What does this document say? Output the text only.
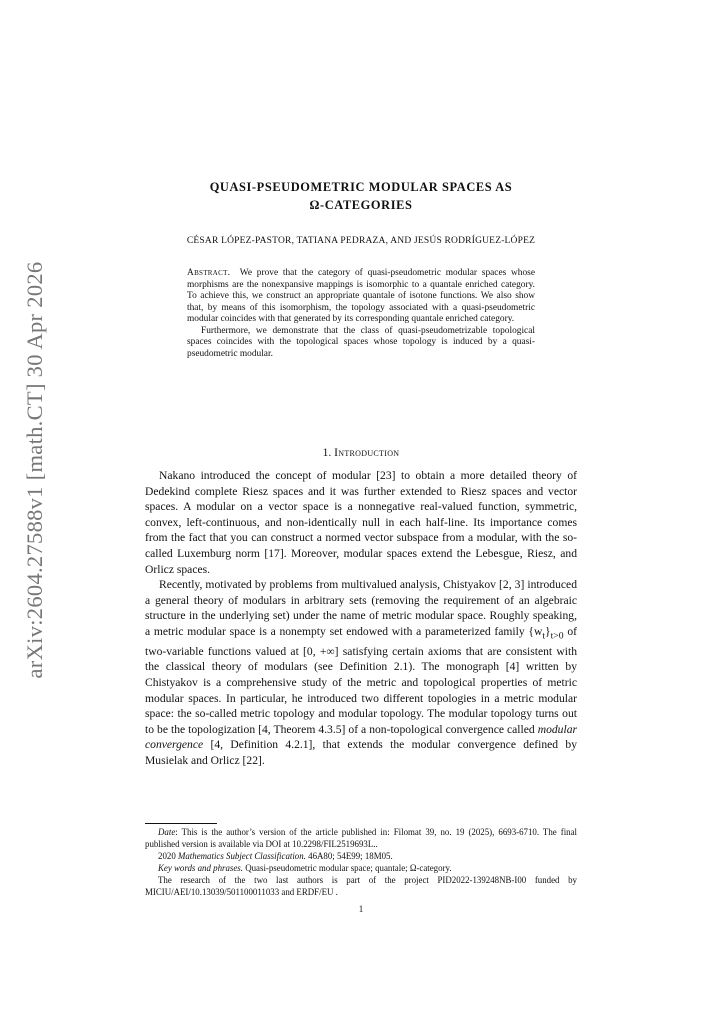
arXiv:2604.27588v1 [math.CT] 30 Apr 2026
QUASI-PSEUDOMETRIC MODULAR SPACES AS
Ω-CATEGORIES
CÉSAR LÓPEZ-PASTOR, TATIANA PEDRAZA, AND JESÚS RODRÍGUEZ-LÓPEZ

Abstract. We prove that the category of quasi-pseudometric modular spaces whose morphisms are the nonexpansive mappings is isomorphic to a quantale enriched category. To achieve this, we construct an appropriate quantale of isotone functions. We also show that, by means of this isomorphism, the topology associated with a quasi-pseudometric modular coincides with that generated by its corresponding quantale enriched category.

Furthermore, we demonstrate that the class of quasi-pseudometrizable topological spaces coincides with the topological spaces whose topology is induced by a quasi-pseudometric modular.

1. Introduction

Nakano introduced the concept of modular [23] to obtain a more detailed theory of Dedekind complete Riesz spaces and it was further extended to Riesz spaces and vector spaces. A modular on a vector space is a nonnegative real-valued function, symmetric, convex, left-continuous, and non-identically null in each half-line. Its importance comes from the fact that you can construct a normed vector subspace from a modular, with the so-called Luxemburg norm [17]. Moreover, modular spaces extend the Lebesgue, Riesz, and Orlicz spaces.

Recently, motivated by problems from multivalued analysis, Chistyakov [2, 3] introduced a general theory of modulars in arbitrary sets (removing the requirement of an algebraic structure in the underlying set) under the name of metric modular space. Roughly speaking, a metric modular space is a nonempty set endowed with a parameterized family $\{w_t\}_{t>0}$ of two-variable functions valued at [0, +∞] satisfying certain axioms that are consistent with the classical theory of modulars (see Definition 2.1). The monograph [4] written by Chistyakov is a comprehensive study of the metric and topological properties of metric modular spaces. In particular, he introduced two different topologies in a metric modular space: the so-called metric topology and modular topology. The modular topology turns out to be the topologization [4, Theorem 4.3.5] of a non-topological convergence called modular convergence [4, Definition 4.2.1], that extends the modular convergence defined by Musielak and Orlicz [22].

Date: This is the author’s version of the article published in: Filomat 39, no. 19 (2025), 6693-6710. The final published version is available via DOI at 10.2298/FIL2519693L..

2020 Mathematics Subject Classification. 46A80; 54E99; 18M05.

Key words and phrases. Quasi-pseudometric modular space; quantale; Ω-category.

The research of the two last authors is part of the project PID2022-139248NB-I00 funded by MICIU/AEI/10.13039/501100011033 and ERDF/EU .

1
